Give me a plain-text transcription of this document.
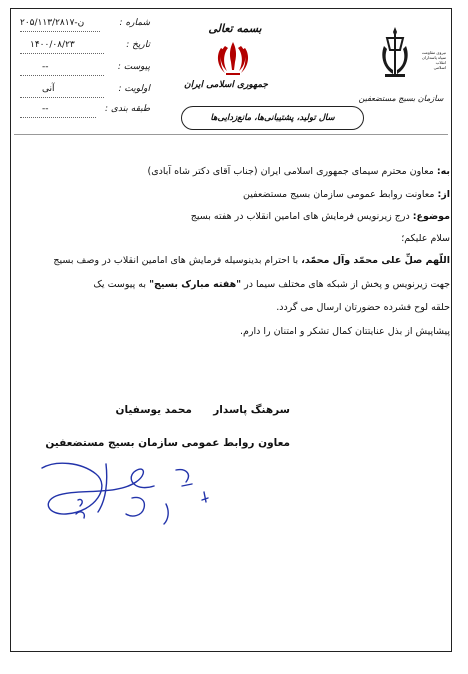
۲۰۵/۱۱۳/۲۸۱۷-ن	شماره :
۱۴۰۰/۰۸/۲۳	تاریخ :
--	پیوست :
آنی	اولویت :
--	طبقه بندی :
بسمه تعالی
جمهوری اسلامی ایران
نیروی مقاومت
سپاه پاسداران
انقلاب
اسلامی
سازمان بسیج مستضعفین
سال تولید، پشتیبانی‌ها، مانع‌زدایی‌ها
به: معاون محترم سیمای جمهوری اسلامی ایران (جناب آقای دکتر شاه آبادی)
از: معاونت روابط عمومی سازمان بسیج مستضعفین
موضوع: درج زیرنویس فرمایش های امامین انقلاب در هفته بسیج
سلام علیکم؛
اللّهم صلِّ علی محمّد وآل محمّد، با احترام بدینوسیله فرمایش های امامین انقلاب در وصف بسیج
جهت زیرنویس و پخش از شبکه های مختلف سیما در "هفته مبارک بسیج" به پیوست یک
حلقه لوح فشرده حضورتان ارسال می گردد.
پیشاپیش از بذل عنایتتان کمال تشکر و امتنان را دارم.
سرهنگ پاسدار  محمد یوسفیان
معاون روابط عمومی سازمان بسیج مستضعفین
